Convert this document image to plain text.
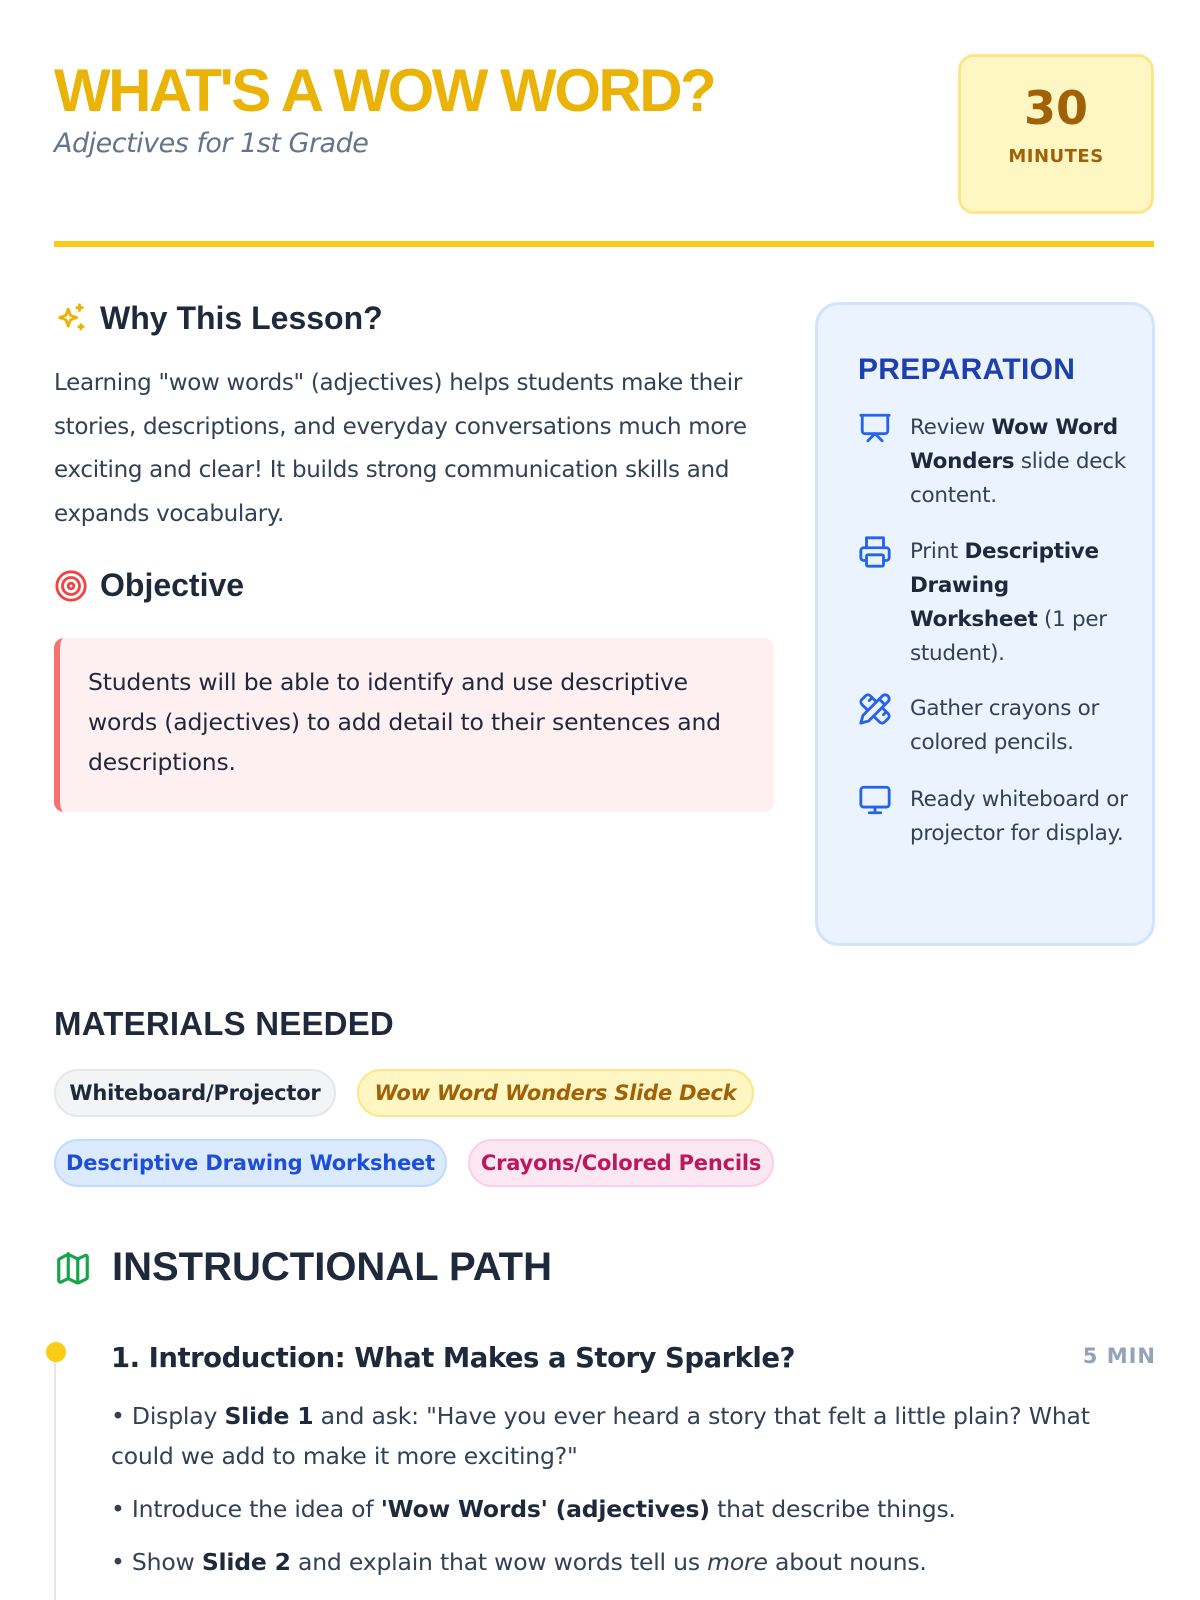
WHAT'S A WOW WORD?
Adjectives for 1st Grade
30
MINUTES
Why This Lesson?

Learning "wow words" (adjectives) helps students make their stories, descriptions, and everyday conversations much more exciting and clear! It builds strong communication skills and expands vocabulary.

Objective

Students will be able to identify and use descriptive words (adjectives) to add detail to their sentences and descriptions.

PREPARATION
Review Wow Word Wonders slide deck content.
Print Descriptive Drawing Worksheet (1 per student).
Gather crayons or colored pencils.
Ready whiteboard or projector for display.
MATERIALS NEEDED
Whiteboard/Projector	Wow Word Wonders Slide Deck
Descriptive Drawing Worksheet	Crayons/Colored Pencils
INSTRUCTIONAL PATH
1. Introduction: What Makes a Story Sparkle?	5 MIN

• Display Slide 1 and ask: "Have you ever heard a story that felt a little plain? What could we add to make it more exciting?"

• Introduce the idea of 'Wow Words' (adjectives) that describe things.

• Show Slide 2 and explain that wow words tell us more about nouns.
